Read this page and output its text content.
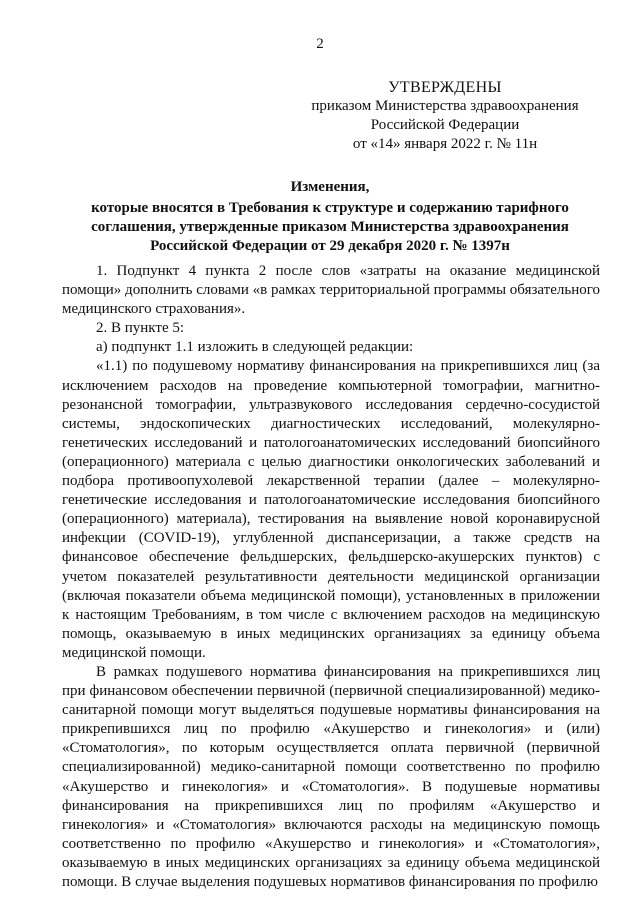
2
УТВЕРЖДЕНЫ
приказом Министерства здравоохранения
Российской Федерации
от «14» января 2022 г. № 11н
Изменения,
которые вносятся в Требования к структуре и содержанию тарифного соглашения, утвержденные приказом Министерства здравоохранения Российской Федерации от 29 декабря 2020 г. № 1397н

1. Подпункт 4 пункта 2 после слов «затраты на оказание медицинской помощи» дополнить словами «в рамках территориальной программы обязательного медицинского страхования».

2. В пункте 5:

а) подпункт 1.1 изложить в следующей редакции:

«1.1) по подушевому нормативу финансирования на прикрепившихся лиц (за исключением расходов на проведение компьютерной томографии, магнитно-резонансной томографии, ультразвукового исследования сердечно-сосудистой системы, эндоскопических диагностических исследований, молекулярно-генетических исследований и патологоанатомических исследований биопсийного (операционного) материала с целью диагностики онкологических заболеваний и подбора противоопухолевой лекарственной терапии (далее – молекулярно-генетические исследования и патологоанатомические исследования биопсийного (операционного) материала), тестирования на выявление новой коронавирусной инфекции (COVID-19), углубленной диспансеризации, а также средств на финансовое обеспечение фельдшерских, фельдшерско-акушерских пунктов) с учетом показателей результативности деятельности медицинской организации (включая показатели объема медицинской помощи), установленных в приложении к настоящим Требованиям, в том числе с включением расходов на медицинскую помощь, оказываемую в иных медицинских организациях за единицу объема медицинской помощи.

В рамках подушевого норматива финансирования на прикрепившихся лиц при финансовом обеспечении первичной (первичной специализированной) медико-санитарной помощи могут выделяться подушевые нормативы финансирования на прикрепившихся лиц по профилю «Акушерство и гинекология» и (или) «Стоматология», по которым осуществляется оплата первичной (первичной специализированной) медико-санитарной помощи соответственно по профилю «Акушерство и гинекология» и «Стоматология». В подушевые нормативы финансирования на прикрепившихся лиц по профилям «Акушерство и гинекология» и «Стоматология» включаются расходы на медицинскую помощь соответственно по профилю «Акушерство и гинекология» и «Стоматология», оказываемую в иных медицинских организациях за единицу объема медицинской помощи. В случае выделения подушевых нормативов финансирования по профилю
